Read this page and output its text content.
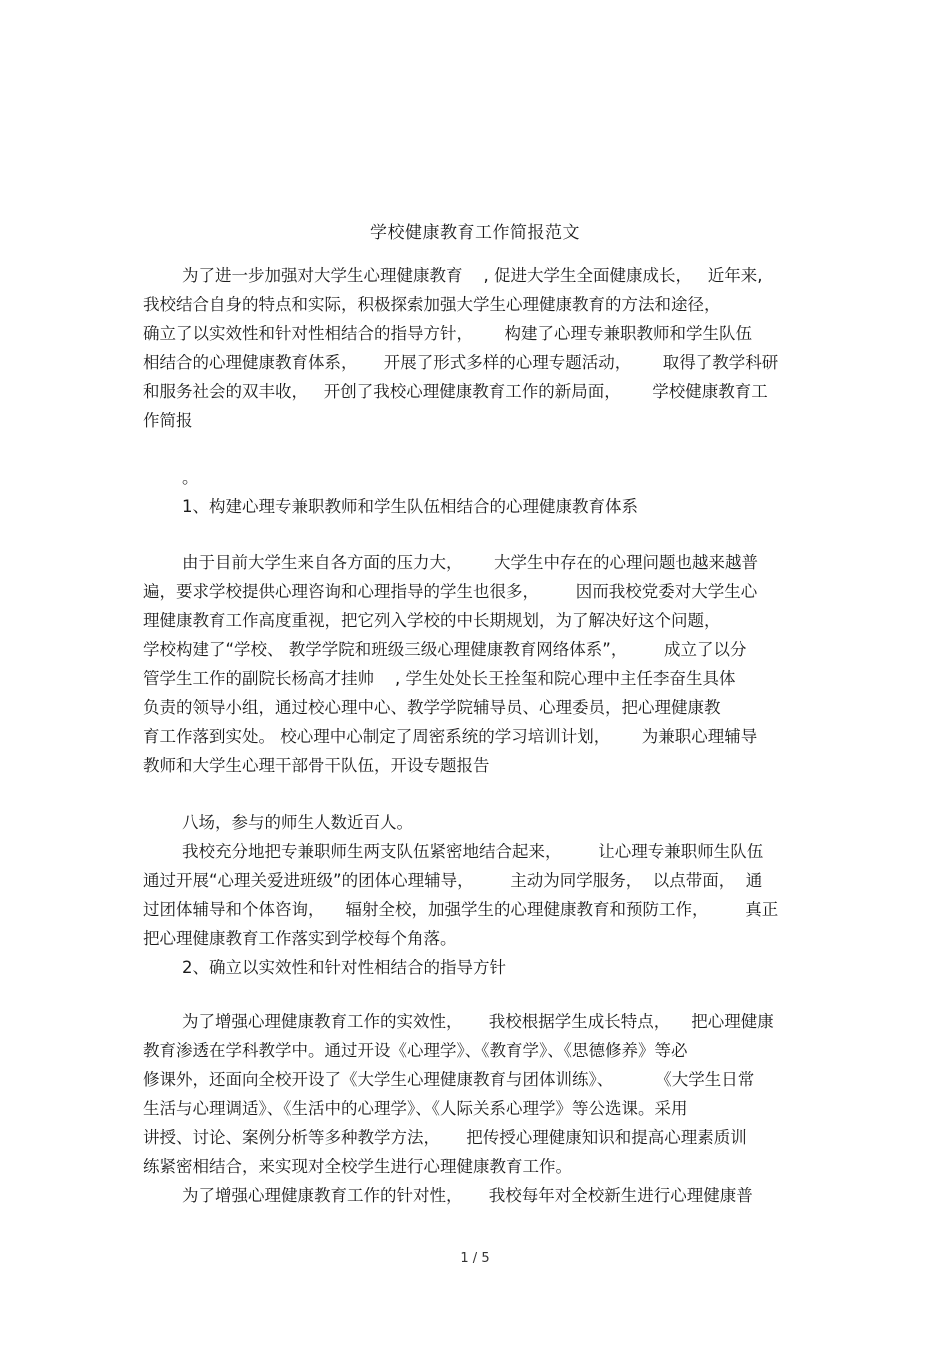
学校健康教育工作简报范文
为了进一步加强对大学生心理健康教育    , 促进大学生全面健康成长，   近年来,
我校结合自身的特点和实际，积极探索加强大学生心理健康教育的方法和途径，
确立了以实效性和针对性相结合的指导方针，      构建了心理专兼职教师和学生队伍
相结合的心理健康教育体系，     开展了形式多样的心理专题活动，      取得了教学科研
和服务社会的双丰收，   开创了我校心理健康教育工作的新局面，      学校健康教育工
作简报
。
1、构建心理专兼职教师和学生队伍相结合的心理健康教育体系
由于目前大学生来自各方面的压力大，      大学生中存在的心理问题也越来越普
遍，要求学校提供心理咨询和心理指导的学生也很多，       因而我校党委对大学生心
理健康教育工作高度重视，把它列入学校的中长期规划，为了解决好这个问题，
学校构建了“学校、 教学学院和班级三级心理健康教育网络体系”，       成立了以分
管学生工作的副院长杨高才挂帅    , 学生处处长王拴玺和院心理中主任李奋生具体
负责的领导小组，通过校心理中心、教学学院辅导员、心理委员，把心理健康教
育工作落到实处。 校心理中心制定了周密系统的学习培训计划，      为兼职心理辅导
教师和大学生心理干部骨干队伍，开设专题报告
八场，参与的师生人数近百人。
我校充分地把专兼职师生两支队伍紧密地结合起来，       让心理专兼职师生队伍
通过开展“心理关爱进班级”的团体心理辅导，       主动为同学服务，  以点带面，  通
过团体辅导和个体咨询，    辐射全校，加强学生的心理健康教育和预防工作，       真正
把心理健康教育工作落实到学校每个角落。
2、确立以实效性和针对性相结合的指导方针
为了增强心理健康教育工作的实效性，     我校根据学生成长特点，    把心理健康
教育渗透在学科教学中。通过开设《心理学》、《教育学》、《思德修养》等必
修课外，还面向全校开设了《大学生心理健康教育与团体训练》、        《大学生日常
生活与心理调适》、《生活中的心理学》、《人际关系心理学》等公选课。采用
讲授、讨论、案例分析等多种教学方法，     把传授心理健康知识和提高心理素质训
练紧密相结合，来实现对全校学生进行心理健康教育工作。
为了增强心理健康教育工作的针对性，     我校每年对全校新生进行心理健康普
1 / 5
